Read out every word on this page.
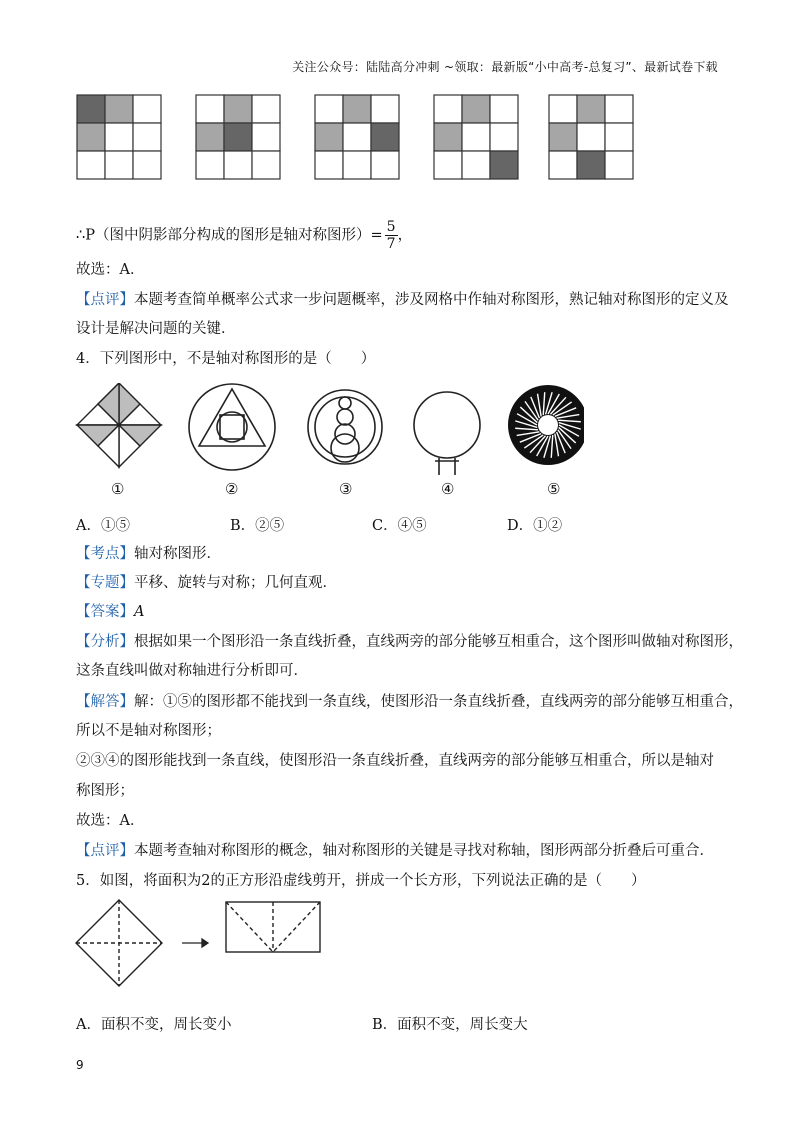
关注公众号：陆陆高分冲刺 ~领取：最新版“小中高考-总复习”、最新试卷下载
∴P（图中阴影部分构成的图形是轴对称图形）= $\frac{5}{7}$ ，
故选：A．
【点评】本题考查简单概率公式求一步问题概率，涉及网格中作轴对称图形，熟记轴对称图形的定义及
设计是解决问题的关键．
4．下列图形中，不是轴对称图形的是（　　）
①	②	③	④	⑤
A．①⑤	B．②⑤	C．④⑤	D．①②
【考点】轴对称图形．
【专题】平移、旋转与对称；几何直观．
【答案】A
【分析】根据如果一个图形沿一条直线折叠，直线两旁的部分能够互相重合，这个图形叫做轴对称图形，
这条直线叫做对称轴进行分析即可．
【解答】解：①⑤的图形都不能找到一条直线，使图形沿一条直线折叠，直线两旁的部分能够互相重合，
所以不是轴对称图形；
②③④的图形能找到一条直线，使图形沿一条直线折叠，直线两旁的部分能够互相重合，所以是轴对
称图形；
故选：A．
【点评】本题考查轴对称图形的概念，轴对称图形的关键是寻找对称轴，图形两部分折叠后可重合．
5．如图，将面积为2的正方形沿虚线剪开，拼成一个长方形，下列说法正确的是（　　）
A．面积不变，周长变小	B．面积不变，周长变大
9
